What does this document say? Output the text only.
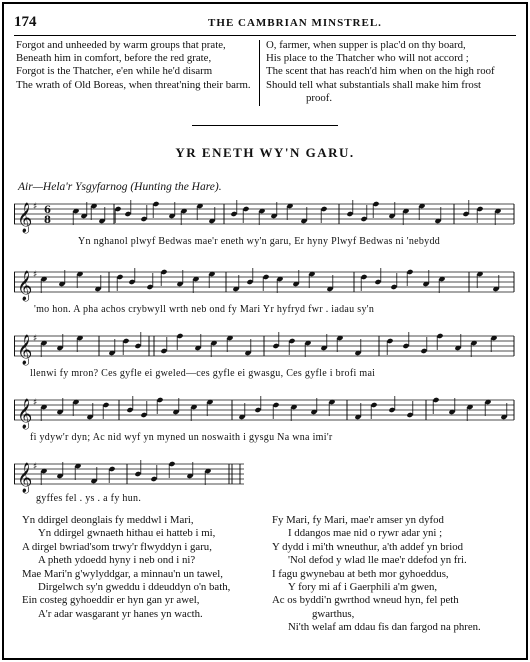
174	THE CAMBRIAN MINSTREL.
Forgot and unheeded by warm groups that prate,
Beneath him in comfort, before the red grate,
Forgot is the Thatcher, e'en while he'd disarm
The wrath of Old Boreas, when threat'ning their barm.
O, farmer, when supper is plac'd on thy board,
His place to the Thatcher who will not accord ;
The scent that has reach'd him when on the high roof
Should tell what substantials shall make him frost
proof.
YR ENETH WY'N GARU.
Air—Hela'r Ysgyfarnog (Hunting the Hare).
𝄞 ♯ 6
8
Yn nghanol plwyf Bedwas mae'r eneth wy'n garu, Er hyny Plwyf Bedwas ni 'nebydd
𝄞 ♯
'mo hon. A pha achos crybwyll wrth neb ond fy Mari Yr hyfryd fwr . iadau sy'n
𝄞 ♯
llenwi fy mron? Ces gyfle ei gweled—ces gyfle ei gwasgu, Ces gyfle i brofi mai
𝄞 ♯
fi ydyw'r dyn; Ac nid wyf yn myned un noswaith i gysgu Na wna imi'r
𝄞 ♯
gyffes fel . ys . a fy hun.
Yn ddirgel deonglais fy meddwl i Mari,
Yn ddirgel gwnaeth hithau ei hatteb i mi,
A dirgel bwriad'som trwy'r flwyddyn i garu,
A pheth ydoedd hyny i neb ond i ni?
Mae Mari'n g'wylyddgar, a minnau'n un tawel,
Dirgelwch sy'n gweddu i ddeuddyn o'n bath,
Ein costeg gyhoeddir er hyn gan yr awel,
A'r adar wasgarant yr hanes yn wacth.
Fy Mari, fy Mari, mae'r amser yn dyfod
I ddangos mae nid o rywr adar yni ;
Y dydd i mi'th wneuthur, a'th addef yn briod
'Nol defod y wlad lle mae'r ddefod yn fri.
I fagu gwynebau at beth mor gyhoeddus,
Y fory mi af i Gaerphili a'm gwen,
Ac os byddi'n gwrthod wneud hyn, fel peth
gwarthus,
Ni'th welaf am ddau fis dan fargod na phren.
